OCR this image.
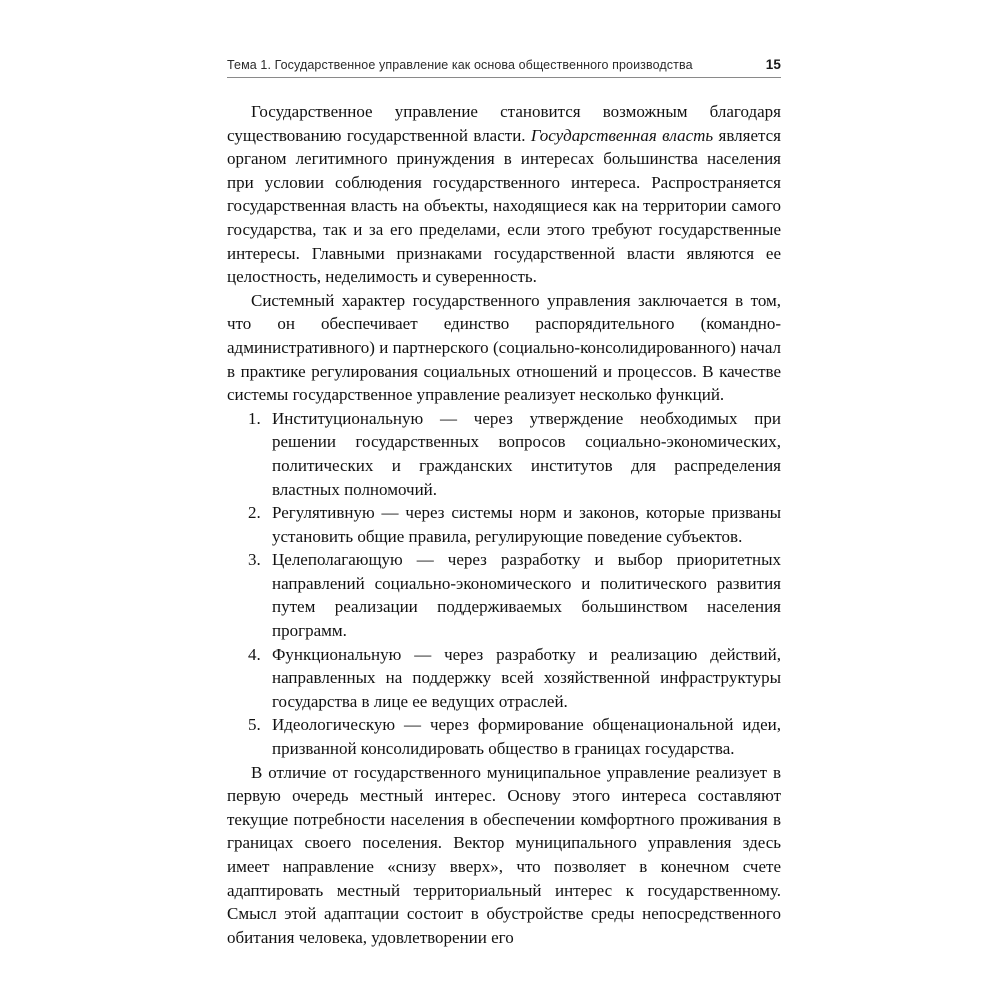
Тема 1. Государственное управление как основа общественного производства	15

Государственное управление становится возможным благодаря существованию государственной власти. Государственная власть является органом легитимного принуждения в интересах большинства населения при условии соблюдения государственного интереса. Распространяется государственная власть на объекты, находящиеся как на территории самого государства, так и за его пределами, если этого требуют государственные интересы. Главными признаками государственной власти являются ее целостность, неделимость и суверенность.

Системный характер государственного управления заключается в том, что он обеспечивает единство распорядительного (командно-административного) и партнерского (социально-консолидированного) начал в практике регулирования социальных отношений и процессов. В качестве системы государственное управление реализует несколько функций.

1. Институциональную — через утверждение необходимых при решении государственных вопросов социально-экономических, политических и гражданских институтов для распределения властных полномочий.
2. Регулятивную — через системы норм и законов, которые призваны установить общие правила, регулирующие поведение субъектов.
3. Целеполагающую — через разработку и выбор приоритетных направлений социально-экономического и политического развития путем реализации поддерживаемых большинством населения программ.
4. Функциональную — через разработку и реализацию действий, направленных на поддержку всей хозяйственной инфраструктуры государства в лице ее ведущих отраслей.
5. Идеологическую — через формирование общенациональной идеи, призванной консолидировать общество в границах государства.

В отличие от государственного муниципальное управление реализует в первую очередь местный интерес. Основу этого интереса составляют текущие потребности населения в обеспечении комфортного проживания в границах своего поселения. Вектор муниципального управления здесь имеет направление «снизу вверх», что позволяет в конечном счете адаптировать местный территориальный интерес к государственному. Смысл этой адаптации состоит в обустройстве среды непосредственного обитания человека, удовлетворении его
